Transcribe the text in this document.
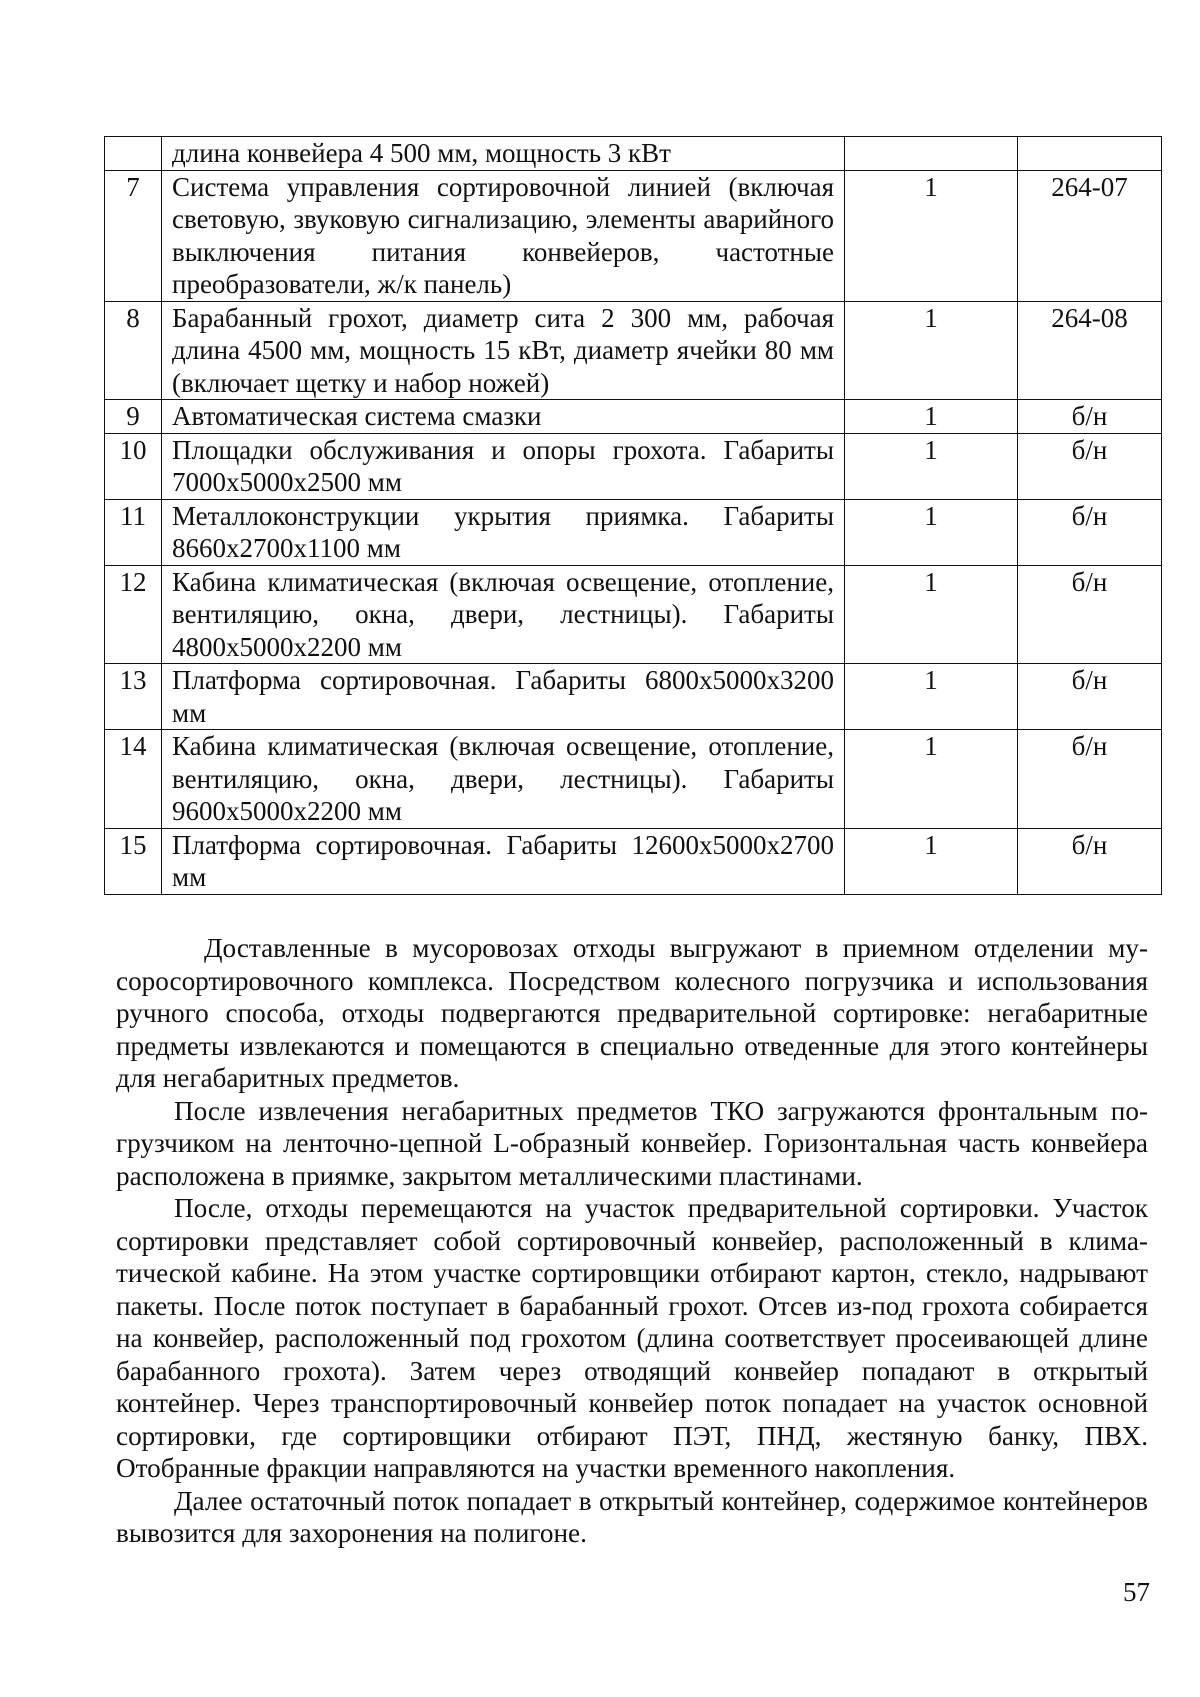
	длина конвейера 4 500 мм, мощность 3 кВт		

7	Система управления сортировочной линией (включая световую, звуковую сигнализацию, элементы аварийного выключения питания конвейеров, частотные преобразователи, ж/к панель)	1	264-07
8	Барабанный грохот, диаметр сита 2 300 мм, рабочая длина 4500 мм, мощность 15 кВт, диаметр ячейки 80 мм (включает щетку и набор ножей)	1	264-08
9	Автоматическая система смазки	1	б/н
10	Площадки обслуживания и опоры грохота. Габариты 7000х5000х2500 мм	1	б/н
11	Металлоконструкции укрытия приямка. Габариты 8660х2700х1100 мм	1	б/н
12	Кабина климатическая (включая освещение, отопление, вентиляцию, окна, двери, лестницы). Габариты 4800х5000х2200 мм	1	б/н
13	Платформа сортировочная. Габариты 6800х5000х3200 мм	1	б/н
14	Кабина климатическая (включая освещение, отопление, вентиляцию, окна, двери, лестницы). Габариты 9600х5000х2200 мм	1	б/н
15	Платформа сортировочная. Габариты 12600х5000х2700 мм	1	б/н

Доставленные в мусоровозах отходы выгружают в приемном отделении мусоросортировочного комплекса. Посредством колесного погрузчика и использования ручного способа, отходы подвергаются предварительной сортировке: негабаритные предметы извлекаются и помещаются в специально отведенные для этого контейнеры для негабаритных предметов.

После извлечения негабаритных предметов ТКО загружаются фронтальным погрузчиком на ленточно-цепной L-образный конвейер. Горизонтальная часть конвейера расположена в приямке, закрытом металлическими пластинами.

После, отходы перемещаются на участок предварительной сортировки. Участок сортировки представляет собой сортировочный конвейер, расположенный в климатической кабине. На этом участке сортировщики отбирают картон, стекло, надрывают пакеты. После поток поступает в барабанный грохот. Отсев из-под грохота собирается на конвейер, расположенный под грохотом (длина соответствует просеивающей длине барабанного грохота). Затем через отводящий конвейер попадают в открытый контейнер. Через транспортировочный конвейер поток попадает на участок основной сортировки, где сортировщики отбирают ПЭТ, ПНД, жестяную банку, ПВХ. Отобранные фракции направляются на участки временного накопления.

Далее остаточный поток попадает в открытый контейнер, содержимое контейнеров вывозится для захоронения на полигоне.

57
